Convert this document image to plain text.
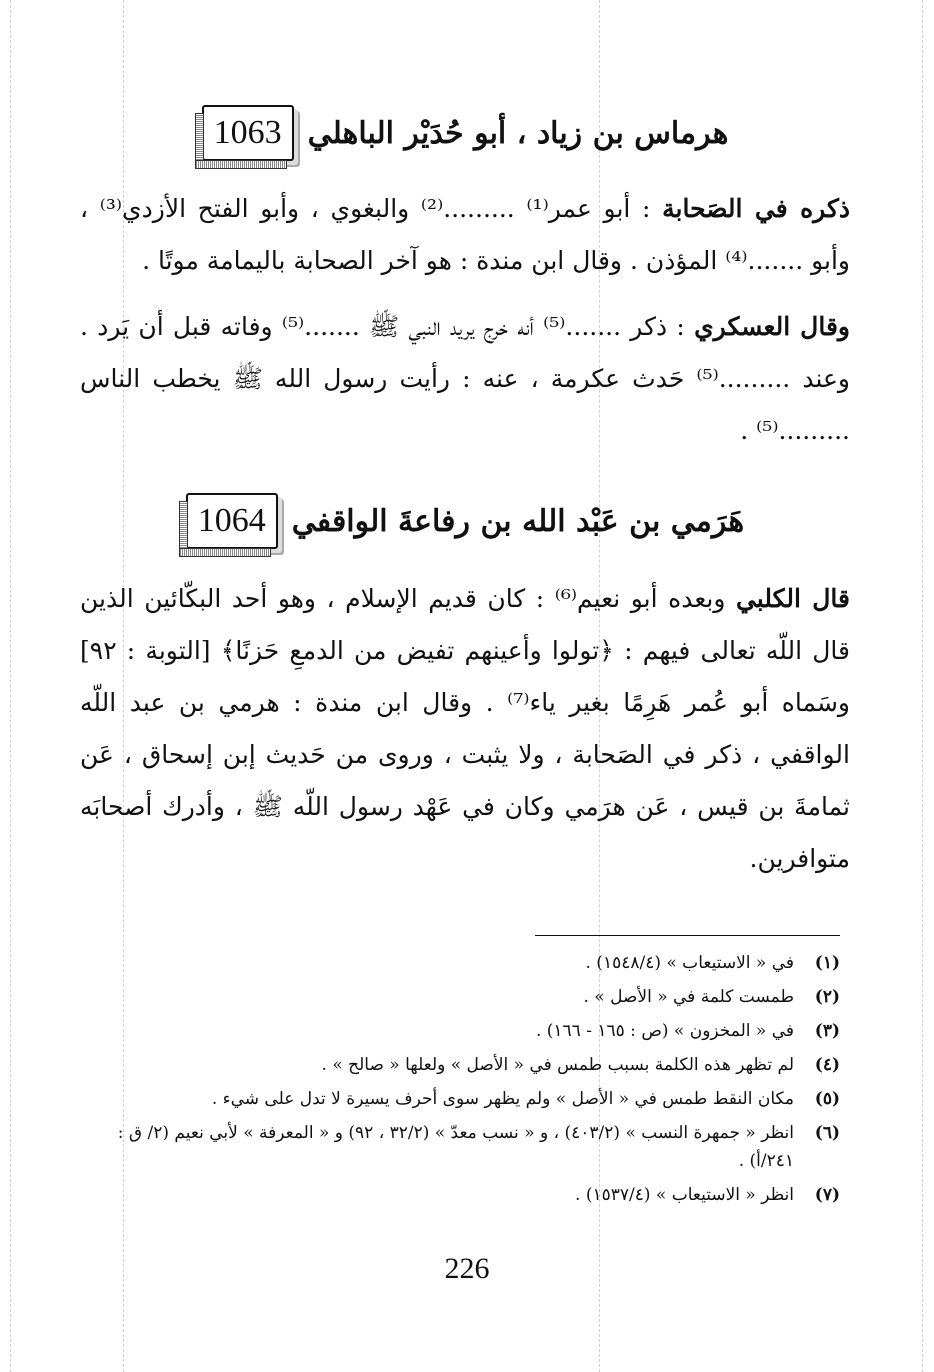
هرماس بن زياد ، أبو حُدَيْر الباهلي
1063

ذكره في الصَحابة : أبو عمر⁽¹⁾ .........⁽²⁾ والبغوي ، وأبو الفتح الأزدي⁽³⁾ ، وأبو .......⁽⁴⁾ المؤذن . وقال ابن مندة : هو آخر الصحابة باليمامة موتًا .

وقال العسكري : ذكر .......⁽⁵⁾ أنه خرج يريد النبي ﷺ .......⁽⁵⁾ وفاته قبل أن يَرد . وعند .........⁽⁵⁾ حَدث عكرمة ، عنه : رأيت رسول الله ﷺ يخطب الناس .........⁽⁵⁾ .

هَرَمي بن عَبْد الله بن رفاعةَ الواقفي
1064

قال الكلبي وبعده أبو نعيم⁽⁶⁾ : كان قديم الإسلام ، وهو أحد البكّائين الذين قال اللّه تعالى فيهم : ﴿تولوا وأعينهم تفيض من الدمعِ حَزنًا﴾ [التوبة : ٩٢] وسَماه أبو عُمر هَرِمًا بغير ياء⁽⁷⁾ . وقال ابن مندة : هرمي بن عبد اللّه الواقفي ، ذكر في الصَحابة ، ولا يثبت ، وروى من حَديث إبن إسحاق ، عَن ثمامةَ بن قيس ، عَن هرَمي وكان في عَهْد رسول اللّه ﷺ ، وأدرك أصحابَه متوافرين.

(١)
في « الاستيعاب » (١٥٤٨/٤) .
(٢)
طمست كلمة في « الأصل » .
(٣)
في « المخزون » (ص : ١٦٥ - ١٦٦) .
(٤)
لم تظهر هذه الكلمة بسبب طمس في « الأصل » ولعلها « صالح » .
(٥)
مكان النقط طمس في « الأصل » ولم يظهر سوى أحرف يسيرة لا تدل على شيء .
(٦)
انظر « جمهرة النسب » (٤٠٣/٢) ، و « نسب معدّ » (٣٢/٢ ، ٩٢) و « المعرفة » لأبي نعيم (٢/ ق : ٢٤١/أ) .
(٧)
انظر « الاستيعاب » (١٥٣٧/٤) .
226
